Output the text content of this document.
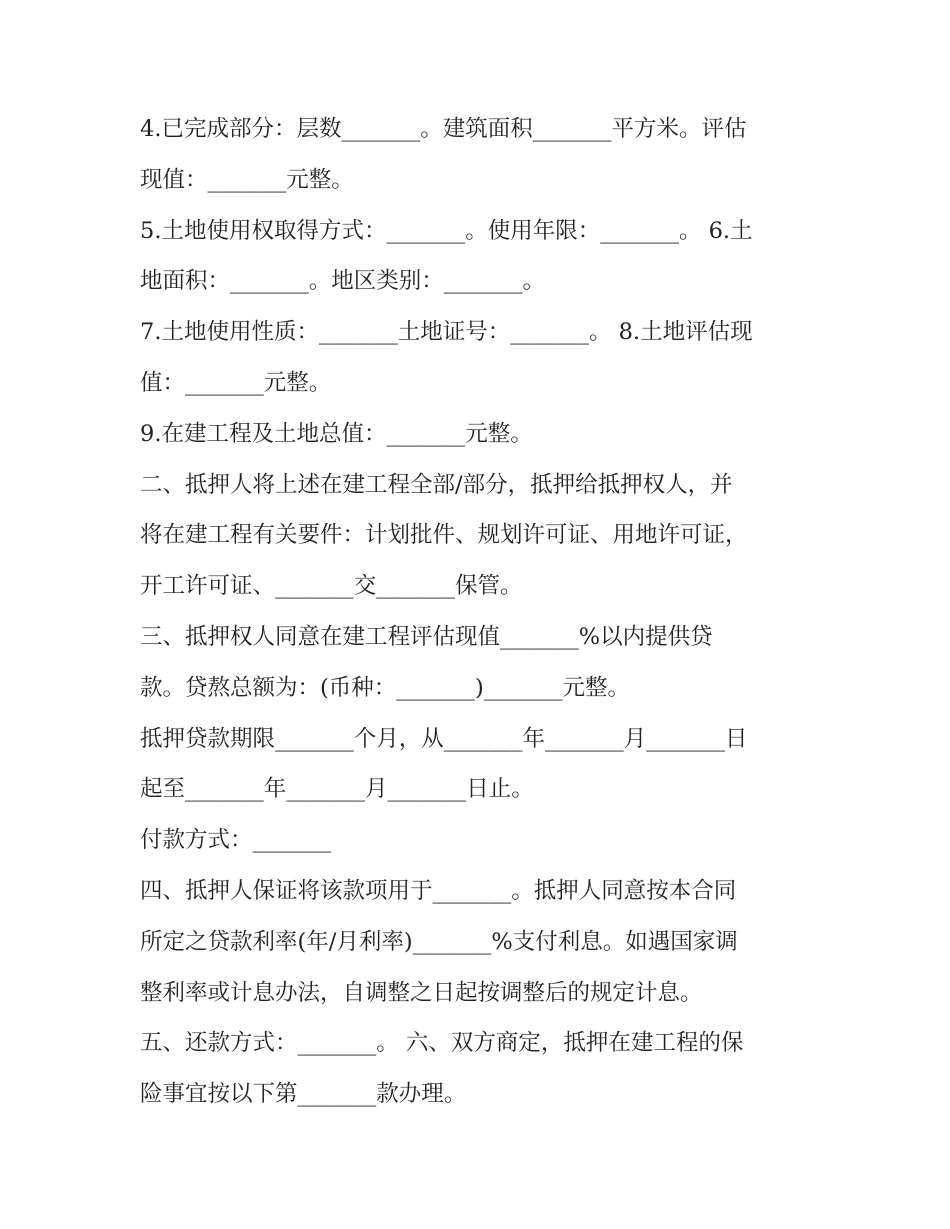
4.已完成部分：层数_______。建筑面积_______平方米。评估
现值：_______元整。
5.土地使用权取得方式：_______。使用年限：_______。 6.土
地面积：_______。地区类别：_______。
7.土地使用性质：_______土地证号：_______。 8.土地评估现
值：_______元整。
9.在建工程及土地总值：_______元整。
二、抵押人将上述在建工程全部/部分，抵押给抵押权人，并
将在建工程有关要件：计划批件、规划许可证、用地许可证，
开工许可证、_______交_______保管。
三、抵押权人同意在建工程评估现值_______%以内提供贷
款。贷熬总额为：(币种：_______)_______元整。
抵押贷款期限_______个月，从_______年_______月_______日
起至_______年_______月_______日止。
付款方式：_______
四、抵押人保证将该款项用于_______。抵押人同意按本合同
所定之贷款利率(年/月利率)_______%支付利息。如遇国家调
整利率或计息办法，自调整之日起按调整后的规定计息。
五、还款方式：_______。 六、双方商定，抵押在建工程的保
险事宜按以下第_______款办理。
